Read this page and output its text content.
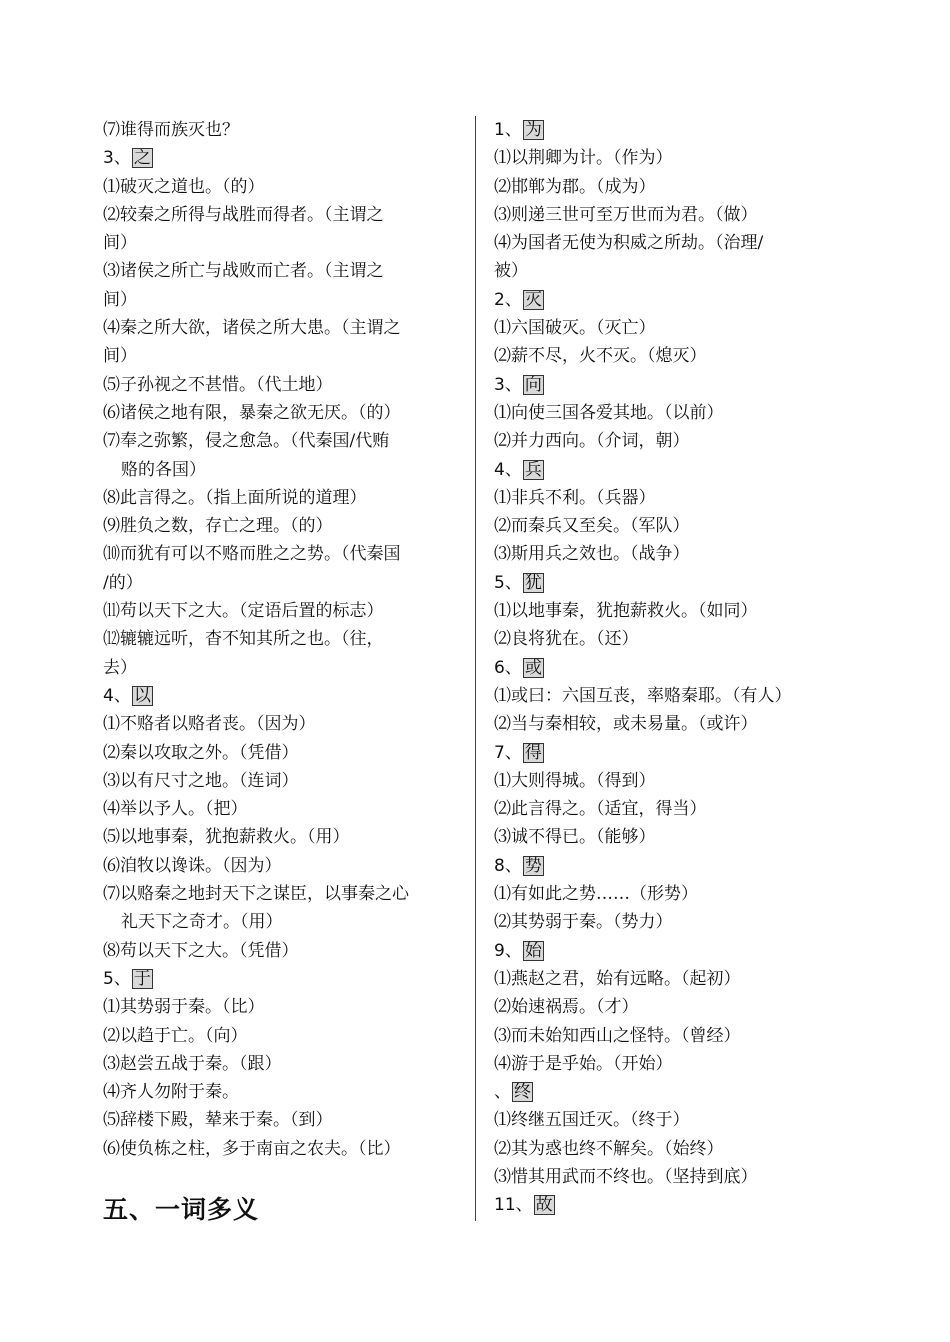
⑺谁得而族灭也？
3、 之
⑴破灭之道也。（的）
⑵较秦之所得与战胜而得者。（主谓之
间）
⑶诸侯之所亡与战败而亡者。（主谓之
间）
⑷秦之所大欲，诸侯之所大患。（主谓之
间）
⑸子孙视之不甚惜。（代土地）
⑹诸侯之地有限，暴秦之欲无厌。（的）
⑺奉之弥繁，侵之愈急。（代秦国/代贿
赂的各国）
⑻此言得之。（指上面所说的道理）
⑼胜负之数，存亡之理。（的）
⑽而犹有可以不赂而胜之之势。（代秦国
/的）
⑾苟以天下之大。（定语后置的标志）
⑿辘辘远听，杳不知其所之也。（往，
去）
4、 以
⑴不赂者以赂者丧。（因为）
⑵秦以攻取之外。（凭借）
⑶以有尺寸之地。（连词）
⑷举以予人。（把）
⑸以地事秦，犹抱薪救火。（用）
⑹洎牧以谗诛。（因为）
⑺以赂秦之地封天下之谋臣，以事秦之心
礼天下之奇才。（用）
⑻苟以天下之大。（凭借）
5、 于
⑴其势弱于秦。（比）
⑵以趋于亡。（向）
⑶赵尝五战于秦。（跟）
⑷齐人勿附于秦。
⑸辞楼下殿，辇来于秦。（到）
⑹使负栋之柱，多于南亩之农夫。（比）
1、 为
⑴以荆卿为计。（作为）
⑵邯郸为郡。（成为）
⑶则递三世可至万世而为君。（做）
⑷为国者无使为积威之所劫。（治理/
被）
2、 灭
⑴六国破灭。（灭亡）
⑵薪不尽，火不灭。（熄灭）
3、 向
⑴向使三国各爱其地。（以前）
⑵并力西向。（介词，朝）
4、 兵
⑴非兵不利。（兵器）
⑵而秦兵又至矣。（军队）
⑶斯用兵之效也。（战争）
5、 犹
⑴以地事秦，犹抱薪救火。（如同）
⑵良将犹在。（还）
6、 或
⑴或曰：六国互丧，率赂秦耶。（有人）
⑵当与秦相较，或未易量。（或许）
7、 得
⑴大则得城。（得到）
⑵此言得之。（适宜，得当）
⑶诚不得已。（能够）
8、 势
⑴有如此之势……（形势）
⑵其势弱于秦。（势力）
9、 始
⑴燕赵之君，始有远略。（起初）
⑵始速祸焉。（才）
⑶而未始知西山之怪特。（曾经）
⑷游于是乎始。（开始）
、 终
⑴终继五国迁灭。（终于）
⑵其为惑也终不解矣。（始终）
⑶惜其用武而不终也。（坚持到底）
11、 故
五、一词多义
